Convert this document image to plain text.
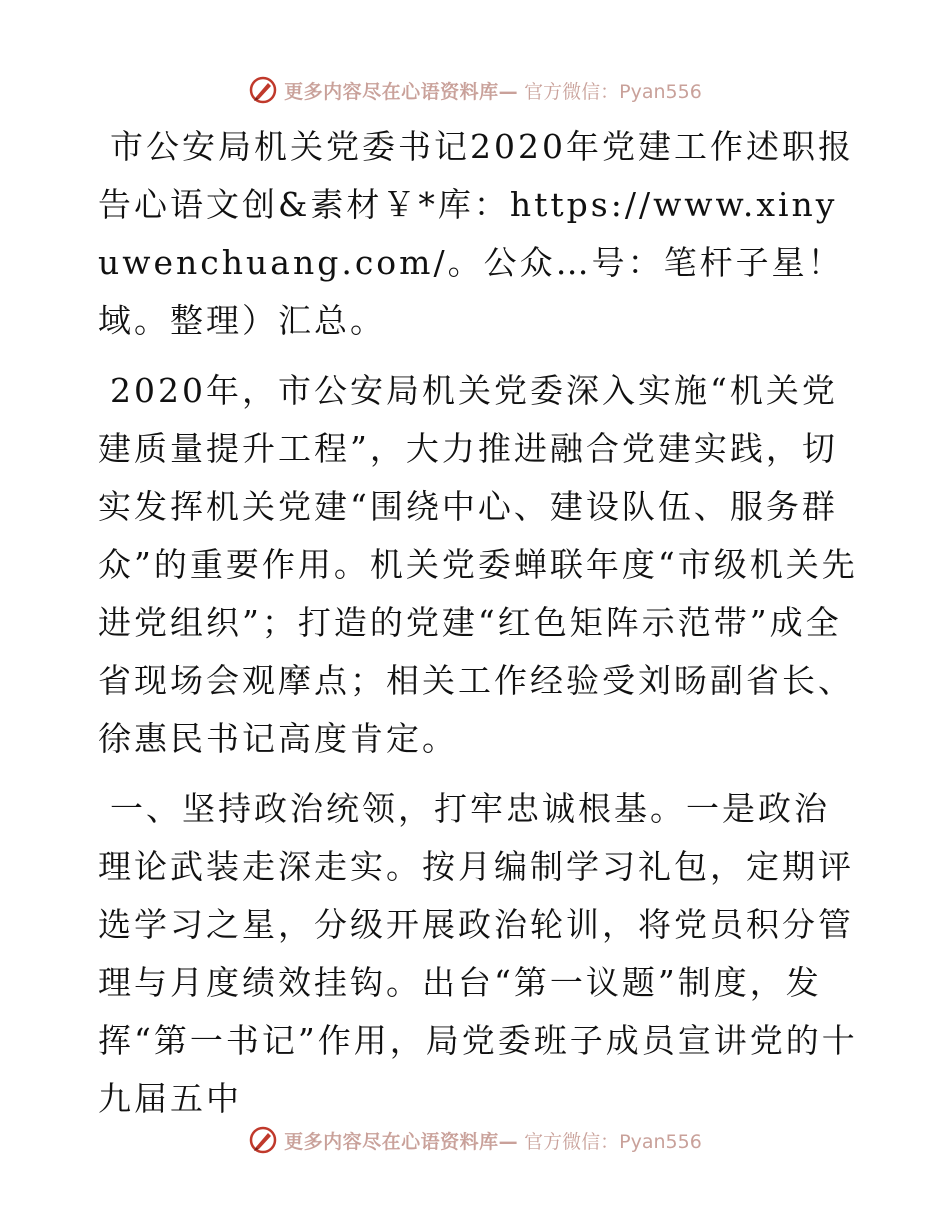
更多内容尽在心语资料库— 官方微信：Pyan556

市公安局机关党委书记2020年党建工作述职报告心语文创&素材￥*库：https://www.xinyuwenchuang.com/。公众…号：笔杆子星！域。整理）汇总。

2020年，市公安局机关党委深入实施“机关党建质量提升工程”，大力推进融合党建实践，切实发挥机关党建“围绕中心、建设队伍、服务群众”的重要作用。机关党委蝉联年度“市级机关先进党组织”；打造的党建“红色矩阵示范带”成全省现场会观摩点；相关工作经验受刘旸副省长、徐惠民书记高度肯定。

一、坚持政治统领，打牢忠诚根基。一是政治理论武装走深走实。按月编制学习礼包，定期评选学习之星，分级开展政治轮训，将党员积分管理与月度绩效挂钩。出台“第一议题”制度，发挥“第一书记”作用，局党委班子成员宣讲党的十九届五中

更多内容尽在心语资料库— 官方微信：Pyan556
